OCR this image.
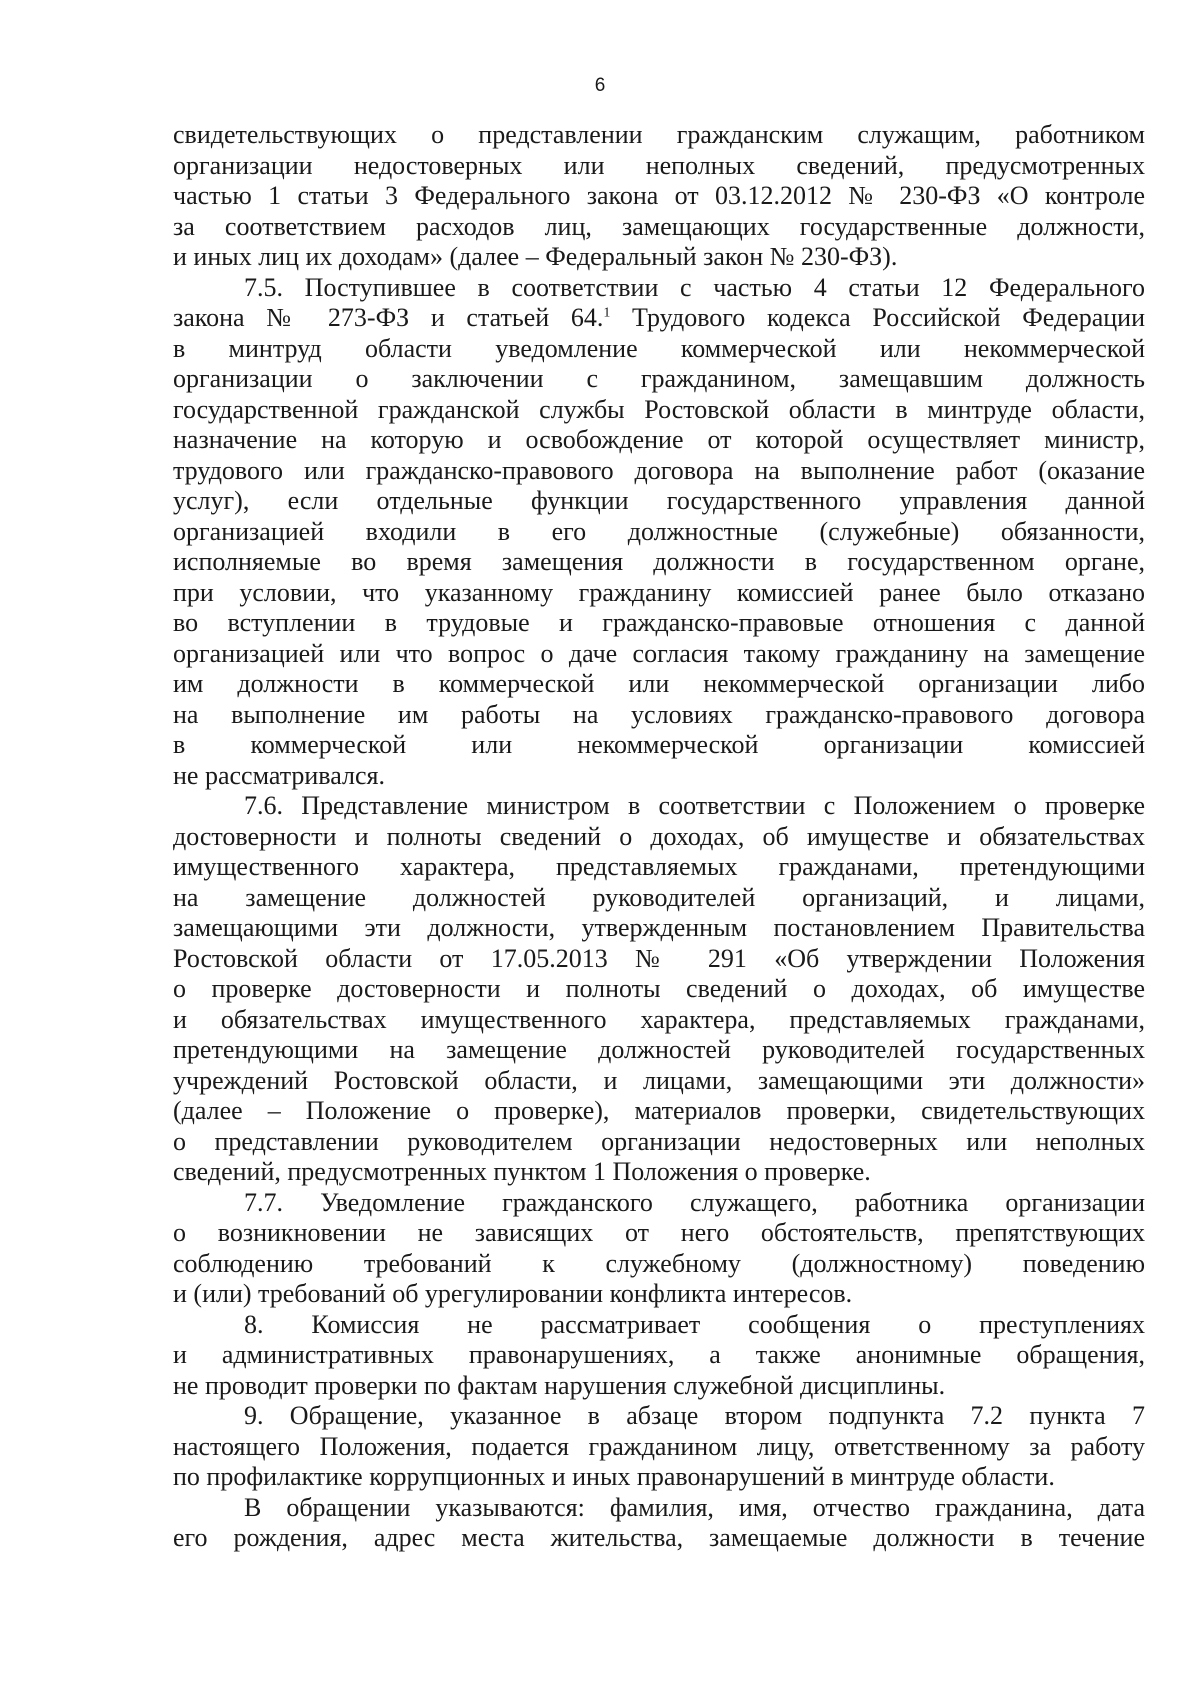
6
свидетельствующих о представлении гражданским служащим, работником
организации недостоверных или неполных сведений, предусмотренных
частью 1 статьи 3 Федерального закона от 03.12.2012 № 230-ФЗ «О контроле
за соответствием расходов лиц, замещающих государственные должности,
и иных лиц их доходам» (далее – Федеральный закон № 230-ФЗ).
7.5. Поступившее в соответствии с частью 4 статьи 12 Федерального
закона № 273-ФЗ и статьей 64.$^1$ Трудового кодекса Российской Федерации
в минтруд области уведомление коммерческой или некоммерческой
организации о заключении с гражданином, замещавшим должность
государственной гражданской службы Ростовской области в минтруде области,
назначение на которую и освобождение от которой осуществляет министр,
трудового или гражданско-правового договора на выполнение работ (оказание
услуг), если отдельные функции государственного управления данной
организацией входили в его должностные (служебные) обязанности,
исполняемые во время замещения должности в государственном органе,
при условии, что указанному гражданину комиссией ранее было отказано
во вступлении в трудовые и гражданско-правовые отношения с данной
организацией или что вопрос о даче согласия такому гражданину на замещение
им должности в коммерческой или некоммерческой организации либо
на выполнение им работы на условиях гражданско-правового договора
в коммерческой или некоммерческой организации комиссией
не рассматривался.
7.6. Представление министром в соответствии с Положением о проверке
достоверности и полноты сведений о доходах, об имуществе и обязательствах
имущественного характера, представляемых гражданами, претендующими
на замещение должностей руководителей организаций, и лицами,
замещающими эти должности, утвержденным постановлением Правительства
Ростовской области от 17.05.2013 № 291 «Об утверждении Положения
о проверке достоверности и полноты сведений о доходах, об имуществе
и обязательствах имущественного характера, представляемых гражданами,
претендующими на замещение должностей руководителей государственных
учреждений Ростовской области, и лицами, замещающими эти должности»
(далее – Положение о проверке), материалов проверки, свидетельствующих
о представлении руководителем организации недостоверных или неполных
сведений, предусмотренных пунктом 1 Положения о проверке.
7.7. Уведомление гражданского служащего, работника организации
о возникновении не зависящих от него обстоятельств, препятствующих
соблюдению требований к служебному (должностному) поведению
и (или) требований об урегулировании конфликта интересов.
8. Комиссия не рассматривает сообщения о преступлениях
и административных правонарушениях, а также анонимные обращения,
не проводит проверки по фактам нарушения служебной дисциплины.
9. Обращение, указанное в абзаце втором подпункта 7.2 пункта 7
настоящего Положения, подается гражданином лицу, ответственному за работу
по профилактике коррупционных и иных правонарушений в минтруде области.
В обращении указываются: фамилия, имя, отчество гражданина, дата
его рождения, адрес места жительства, замещаемые должности в течение
